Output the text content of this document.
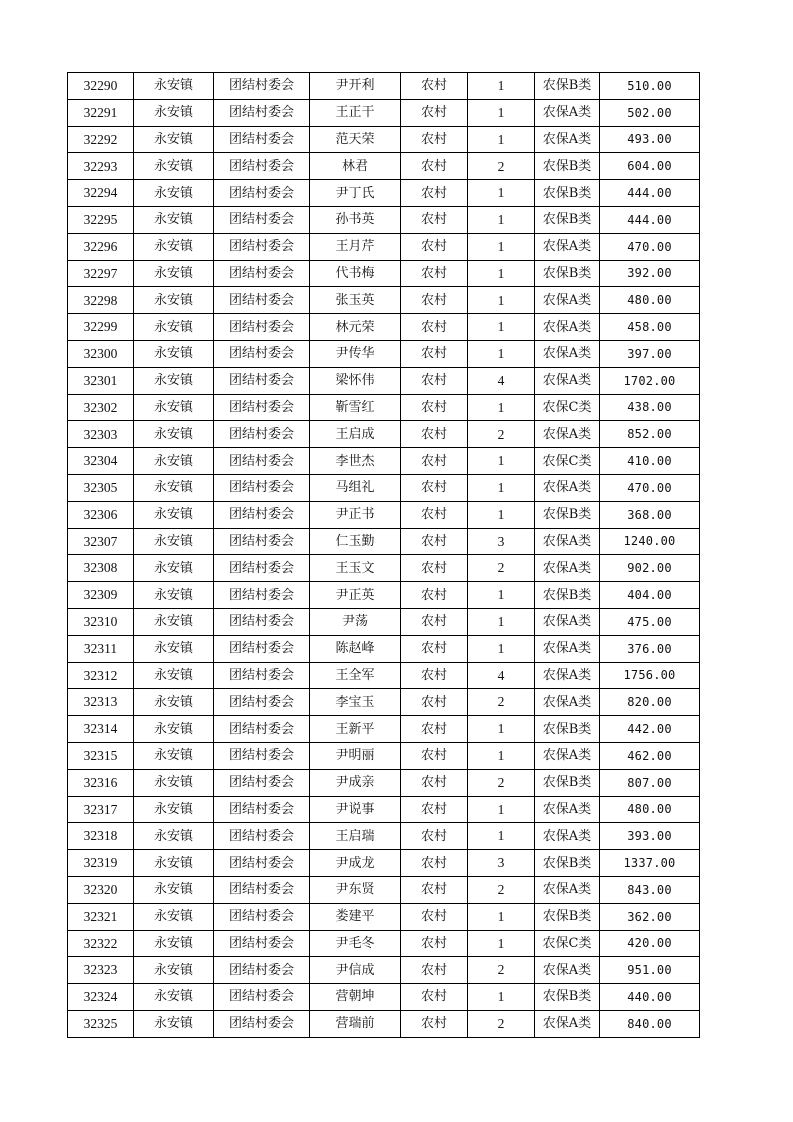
32290	永安镇	团结村委会	尹开利	农村	1	农保B类	510.00
32291	永安镇	团结村委会	王正干	农村	1	农保A类	502.00
32292	永安镇	团结村委会	范天荣	农村	1	农保A类	493.00
32293	永安镇	团结村委会	林君	农村	2	农保B类	604.00
32294	永安镇	团结村委会	尹丁氏	农村	1	农保B类	444.00
32295	永安镇	团结村委会	孙书英	农村	1	农保B类	444.00
32296	永安镇	团结村委会	王月芹	农村	1	农保A类	470.00
32297	永安镇	团结村委会	代书梅	农村	1	农保B类	392.00
32298	永安镇	团结村委会	张玉英	农村	1	农保A类	480.00
32299	永安镇	团结村委会	林元荣	农村	1	农保A类	458.00
32300	永安镇	团结村委会	尹传华	农村	1	农保A类	397.00
32301	永安镇	团结村委会	梁怀伟	农村	4	农保A类	1702.00
32302	永安镇	团结村委会	靳雪红	农村	1	农保C类	438.00
32303	永安镇	团结村委会	王启成	农村	2	农保A类	852.00
32304	永安镇	团结村委会	李世杰	农村	1	农保C类	410.00
32305	永安镇	团结村委会	马组礼	农村	1	农保A类	470.00
32306	永安镇	团结村委会	尹正书	农村	1	农保B类	368.00
32307	永安镇	团结村委会	仁玉勤	农村	3	农保A类	1240.00
32308	永安镇	团结村委会	王玉文	农村	2	农保A类	902.00
32309	永安镇	团结村委会	尹正英	农村	1	农保B类	404.00
32310	永安镇	团结村委会	尹荡	农村	1	农保A类	475.00
32311	永安镇	团结村委会	陈赵峰	农村	1	农保A类	376.00
32312	永安镇	团结村委会	王全军	农村	4	农保A类	1756.00
32313	永安镇	团结村委会	李宝玉	农村	2	农保A类	820.00
32314	永安镇	团结村委会	王新平	农村	1	农保B类	442.00
32315	永安镇	团结村委会	尹明丽	农村	1	农保A类	462.00
32316	永安镇	团结村委会	尹成亲	农村	2	农保B类	807.00
32317	永安镇	团结村委会	尹说事	农村	1	农保A类	480.00
32318	永安镇	团结村委会	王启瑞	农村	1	农保A类	393.00
32319	永安镇	团结村委会	尹成龙	农村	3	农保B类	1337.00
32320	永安镇	团结村委会	尹东贤	农村	2	农保A类	843.00
32321	永安镇	团结村委会	娄建平	农村	1	农保B类	362.00
32322	永安镇	团结村委会	尹毛冬	农村	1	农保C类	420.00
32323	永安镇	团结村委会	尹信成	农村	2	农保A类	951.00
32324	永安镇	团结村委会	营朝坤	农村	1	农保B类	440.00
32325	永安镇	团结村委会	营瑞前	农村	2	农保A类	840.00
